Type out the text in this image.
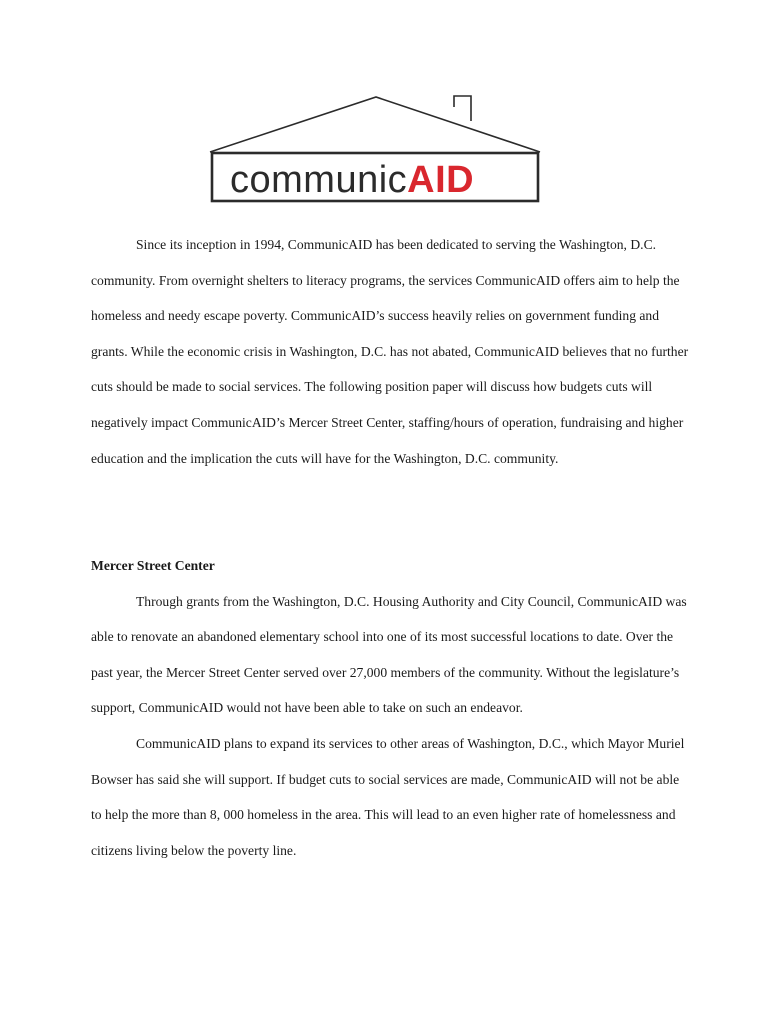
communicAID

Since its inception in 1994, CommunicAID has been dedicated to serving the Washington, D.C. community. From overnight shelters to literacy programs, the services CommunicAID offers aim to help the homeless and needy escape poverty. CommunicAID’s success heavily relies on government funding and grants. While the economic crisis in Washington, D.C. has not abated, CommunicAID believes that no further cuts should be made to social services. The following position paper will discuss how budgets cuts will negatively impact CommunicAID’s Mercer Street Center, staffing/hours of operation, fundraising and higher education and the implication the cuts will have for the Washington, D.C. community.

Mercer Street Center

Through grants from the Washington, D.C. Housing Authority and City Council, CommunicAID was able to renovate an abandoned elementary school into one of its most successful locations to date. Over the past year, the Mercer Street Center served over 27,000 members of the community. Without the legislature’s support, CommunicAID would not have been able to take on such an endeavor.

CommunicAID plans to expand its services to other areas of Washington, D.C., which Mayor Muriel Bowser has said she will support. If budget cuts to social services are made, CommunicAID will not be able to help the more than 8, 000 homeless in the area. This will lead to an even higher rate of homelessness and citizens living below the poverty line.
